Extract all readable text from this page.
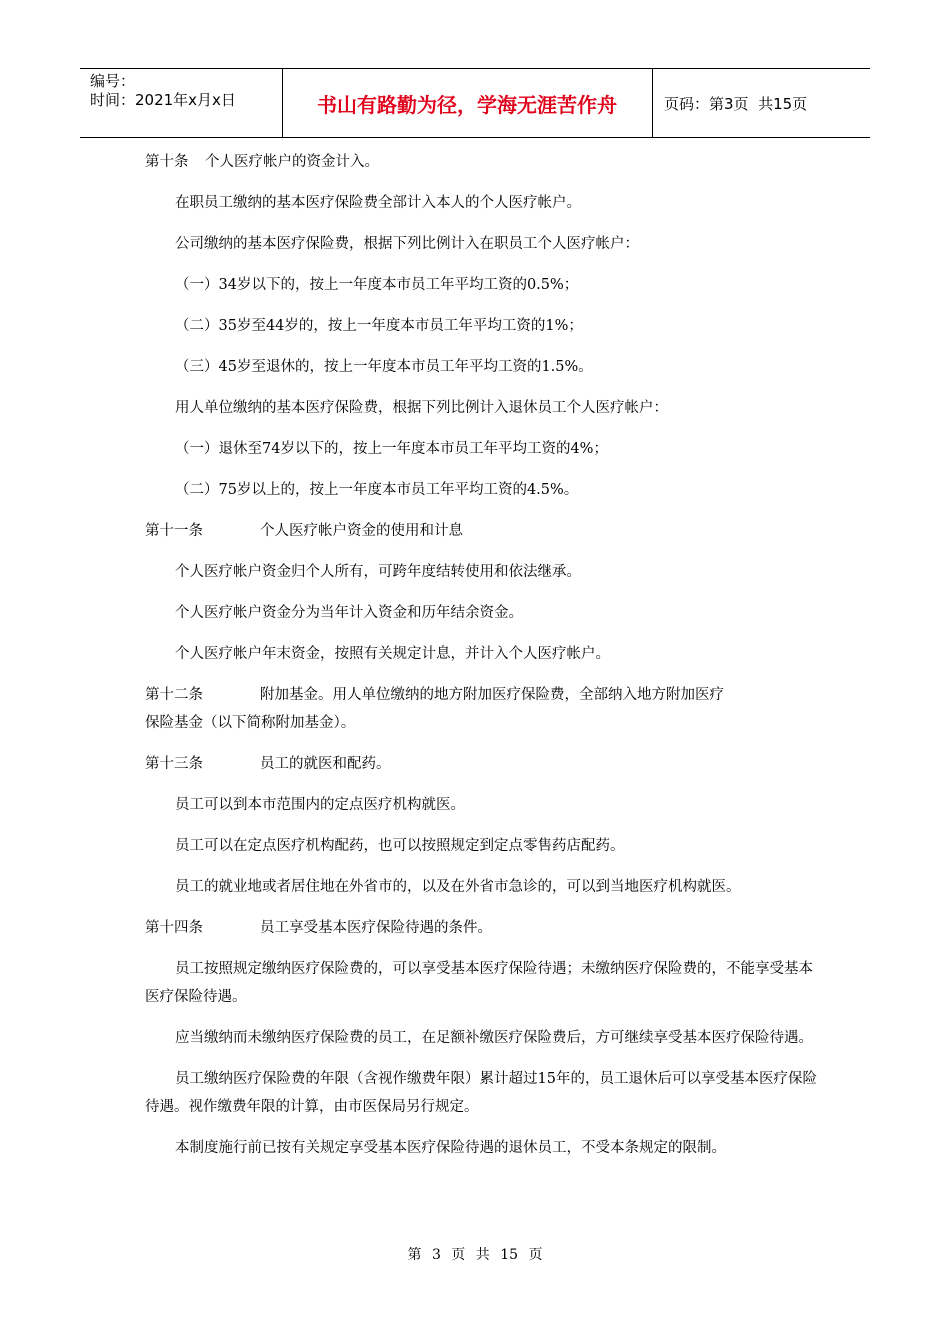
编号：
时间：2021年x月x日	书山有路勤为径，学海无涯苦作舟	页码：第3页  共15页
第十条	个人医疗帐户的资金计入。
在职员工缴纳的基本医疗保险费全部计入本人的个人医疗帐户。
公司缴纳的基本医疗保险费，根据下列比例计入在职员工个人医疗帐户：
（一）34岁以下的，按上一年度本市员工年平均工资的0.5%；
（二）35岁至44岁的，按上一年度本市员工年平均工资的1%；
（三）45岁至退休的，按上一年度本市员工年平均工资的1.5%。
用人单位缴纳的基本医疗保险费，根据下列比例计入退休员工个人医疗帐户：
（一）退休至74岁以下的，按上一年度本市员工年平均工资的4%；
（二）75岁以上的，按上一年度本市员工年平均工资的4.5%。
第十一条	个人医疗帐户资金的使用和计息
个人医疗帐户资金归个人所有，可跨年度结转使用和依法继承。
个人医疗帐户资金分为当年计入资金和历年结余资金。
个人医疗帐户年末资金，按照有关规定计息，并计入个人医疗帐户。
第十二条	附加基金。用人单位缴纳的地方附加医疗保险费，全部纳入地方附加医疗
保险基金（以下简称附加基金）。
第十三条	员工的就医和配药。
员工可以到本市范围内的定点医疗机构就医。
员工可以在定点医疗机构配药，也可以按照规定到定点零售药店配药。
员工的就业地或者居住地在外省市的，以及在外省市急诊的，可以到当地医疗机构就医。
第十四条	员工享受基本医疗保险待遇的条件。
员工按照规定缴纳医疗保险费的，可以享受基本医疗保险待遇；未缴纳医疗保险费的，不能享受基本医疗保险待遇。
应当缴纳而未缴纳医疗保险费的员工，在足额补缴医疗保险费后，方可继续享受基本医疗保险待遇。
员工缴纳医疗保险费的年限（含视作缴费年限）累计超过15年的，员工退休后可以享受基本医疗保险待遇。视作缴费年限的计算，由市医保局另行规定。
本制度施行前已按有关规定享受基本医疗保险待遇的退休员工，不受本条规定的限制。
第 3 页 共 15 页
